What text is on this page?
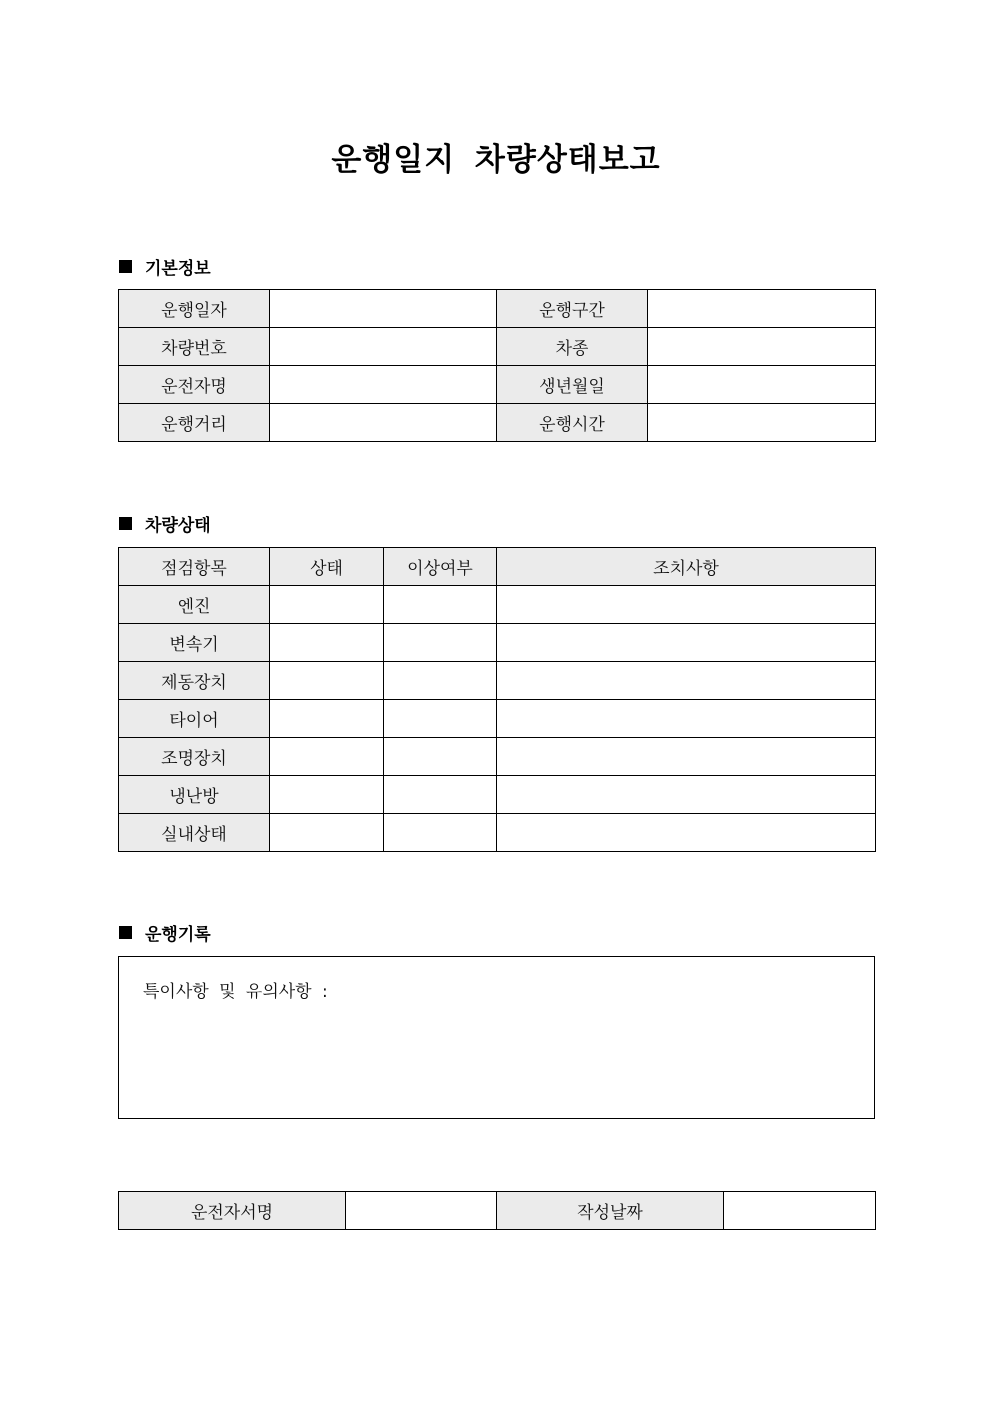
운행일지 차량상태보고
기본정보
운행일자		운행구간	
차량번호		차종	
운전자명		생년월일	
운행거리		운행시간	
차량상태
점검항목	상태	이상여부	조치사항
엔진			
변속기			
제동장치			
타이어			
조명장치			
냉난방			
실내상태			
운행기록
특이사항 및 유의사항 :
운전자서명		작성날짜	
